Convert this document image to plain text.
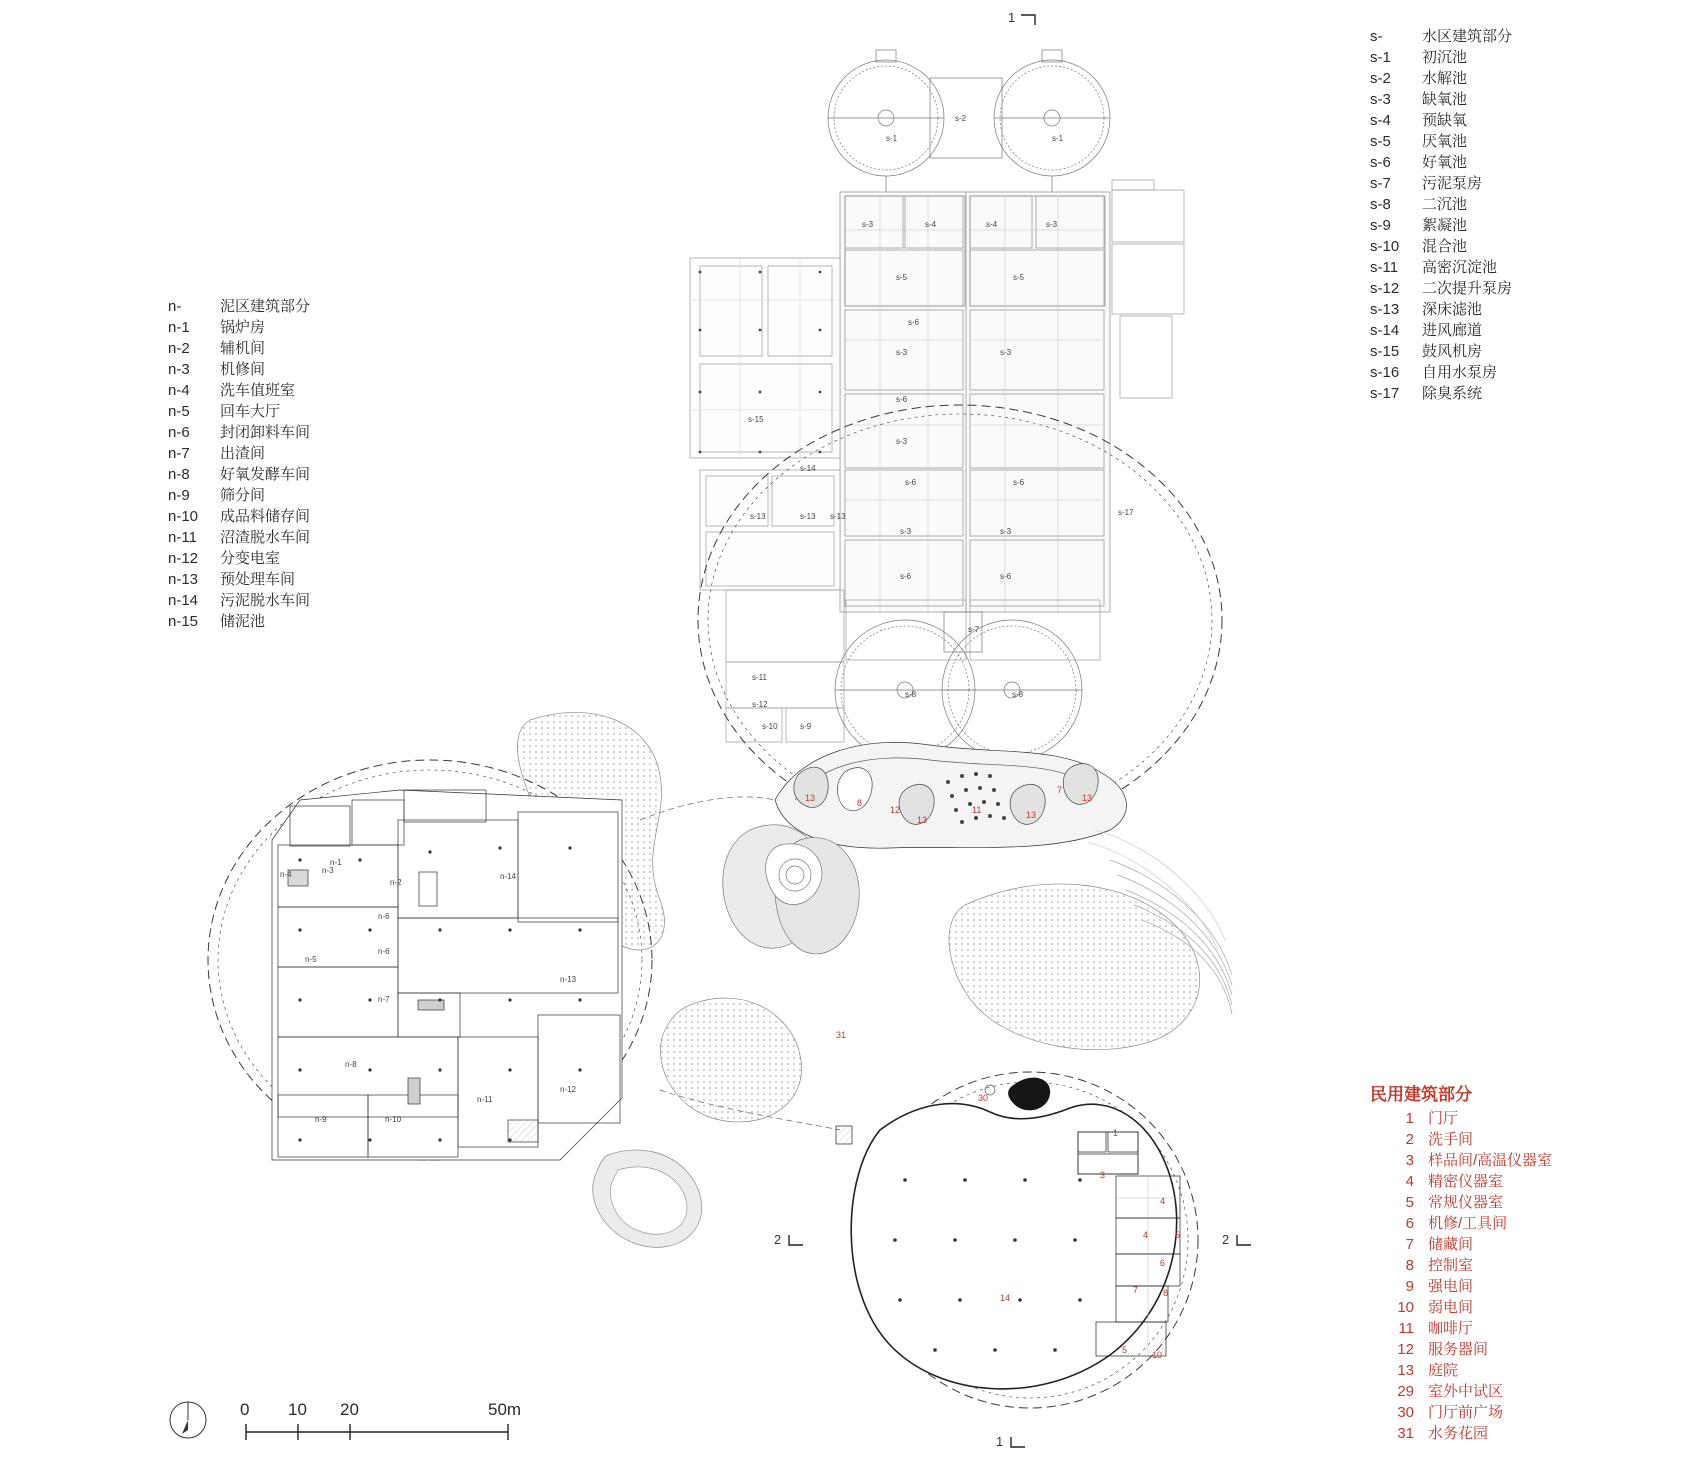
n-	泥区建筑部分
n-1	锅炉房
n-2	辅机间
n-3	机修间
n-4	洗车值班室
n-5	回车大厅
n-6	封闭卸料车间
n-7	出渣间
n-8	好氧发酵车间
n-9	筛分间
n-10	成品料储存间
n-11	沼渣脱水车间
n-12	分变电室
n-13	预处理车间
n-14	污泥脱水车间
n-15	储泥池
s-	水区建筑部分
s-1	初沉池
s-2	水解池
s-3	缺氧池
s-4	预缺氧
s-5	厌氧池
s-6	好氧池
s-7	污泥泵房
s-8	二沉池
s-9	絮凝池
s-10	混合池
s-11	高密沉淀池
s-12	二次提升泵房
s-13	深床滤池
s-14	进风廊道
s-15	鼓风机房
s-16	自用水泵房
s-17	除臭系统
民用建筑部分
1 门厅
2 洗手间
3 样品间/高温仪器室
4 精密仪器室
5 常规仪器室
6 机修/工具间
7 储藏间
8 控制室
9 强电间
10 弱电间
11 咖啡厅
12 服务器间
13 庭院
29 室外中试区
30 门厅前广场
31 水务花园
0 10 20	50m
1
2	2
1
s-1
s-2
s-1
s-3	s-4	s-4	s-3
s-5	s-5
s-3	s-3
s-6
s-6
s-3
s-15
s-14
s-6	s-6
s-13	s-13 s-13
s-3	s-3
s-17
s-6	s-6
s-7
s-8	s-8
s-11
s-12
s-10	s-9
n-1
n-4	n-3
n-2
n-14
n-6
n-5
n-6
n-7
n-13
n-8
n-11
n-12
n-9	n-10
31
13	8
12
13
11	13
7
13
30
1
3
4
4	5
6
7	8
14
5	10
